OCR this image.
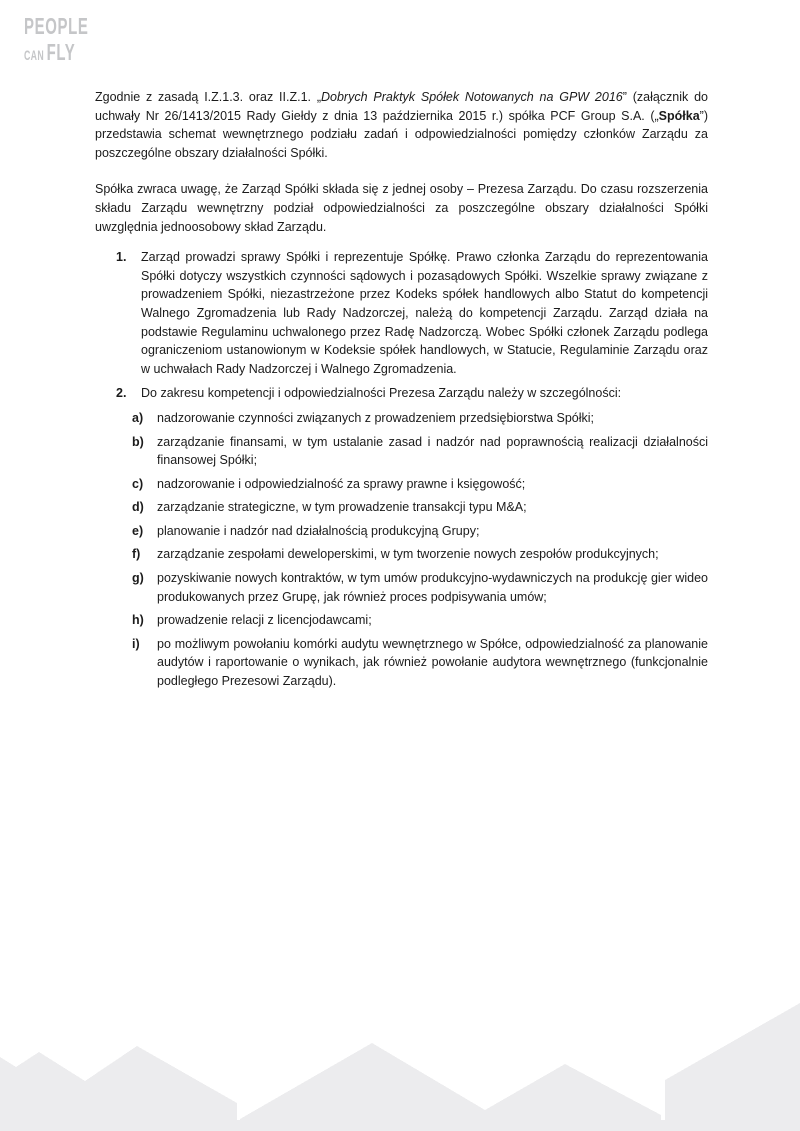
PEOPLE
CAN FLY

Zgodnie z zasadą I.Z.1.3. oraz II.Z.1. „Dobrych Praktyk Spółek Notowanych na GPW 2016” (załącznik do uchwały Nr 26/1413/2015 Rady Giełdy z dnia 13 października 2015 r.) spółka PCF Group S.A. („Spółka”) przedstawia schemat wewnętrznego podziału zadań i odpowiedzialności pomiędzy członków Zarządu za poszczególne obszary działalności Spółki.

Spółka zwraca uwagę, że Zarząd Spółki składa się z jednej osoby – Prezesa Zarządu. Do czasu rozszerzenia składu Zarządu wewnętrzny podział odpowiedzialności za poszczególne obszary działalności Spółki uwzględnia jednoosobowy skład Zarządu.

1.	Zarząd prowadzi sprawy Spółki i reprezentuje Spółkę. Prawo członka Zarządu do reprezentowania Spółki dotyczy wszystkich czynności sądowych i pozasądowych Spółki. Wszelkie sprawy związane z prowadzeniem Spółki, niezastrzeżone przez Kodeks spółek handlowych albo Statut do kompetencji Walnego Zgromadzenia lub Rady Nadzorczej, należą do kompetencji Zarządu. Zarząd działa na podstawie Regulaminu uchwalonego przez Radę Nadzorczą. Wobec Spółki członek Zarządu podlega ograniczeniom ustanowionym w Kodeksie spółek handlowych, w Statucie, Regulaminie Zarządu oraz w uchwałach Rady Nadzorczej i Walnego Zgromadzenia.
2.	Do zakresu kompetencji i odpowiedzialności Prezesa Zarządu należy w szczególności:
a)	nadzorowanie czynności związanych z prowadzeniem przedsiębiorstwa Spółki;
b)	zarządzanie finansami, w tym ustalanie zasad i nadzór nad poprawnością realizacji działalności finansowej Spółki;
c)	nadzorowanie i odpowiedzialność za sprawy prawne i księgowość;
d)	zarządzanie strategiczne, w tym prowadzenie transakcji typu M&A;
e)	planowanie i nadzór nad działalnością produkcyjną Grupy;
f)	zarządzanie zespołami deweloperskimi, w tym tworzenie nowych zespołów produkcyjnych;
g)	pozyskiwanie nowych kontraktów, w tym umów produkcyjno-wydawniczych na produkcję gier wideo produkowanych przez Grupę, jak również proces podpisywania umów;
h)	prowadzenie relacji z licencjodawcami;
i)	po możliwym powołaniu komórki audytu wewnętrznego w Spółce, odpowiedzialność za planowanie audytów i raportowanie o wynikach, jak również powołanie audytora wewnętrznego (funkcjonalnie podległego Prezesowi Zarządu).
